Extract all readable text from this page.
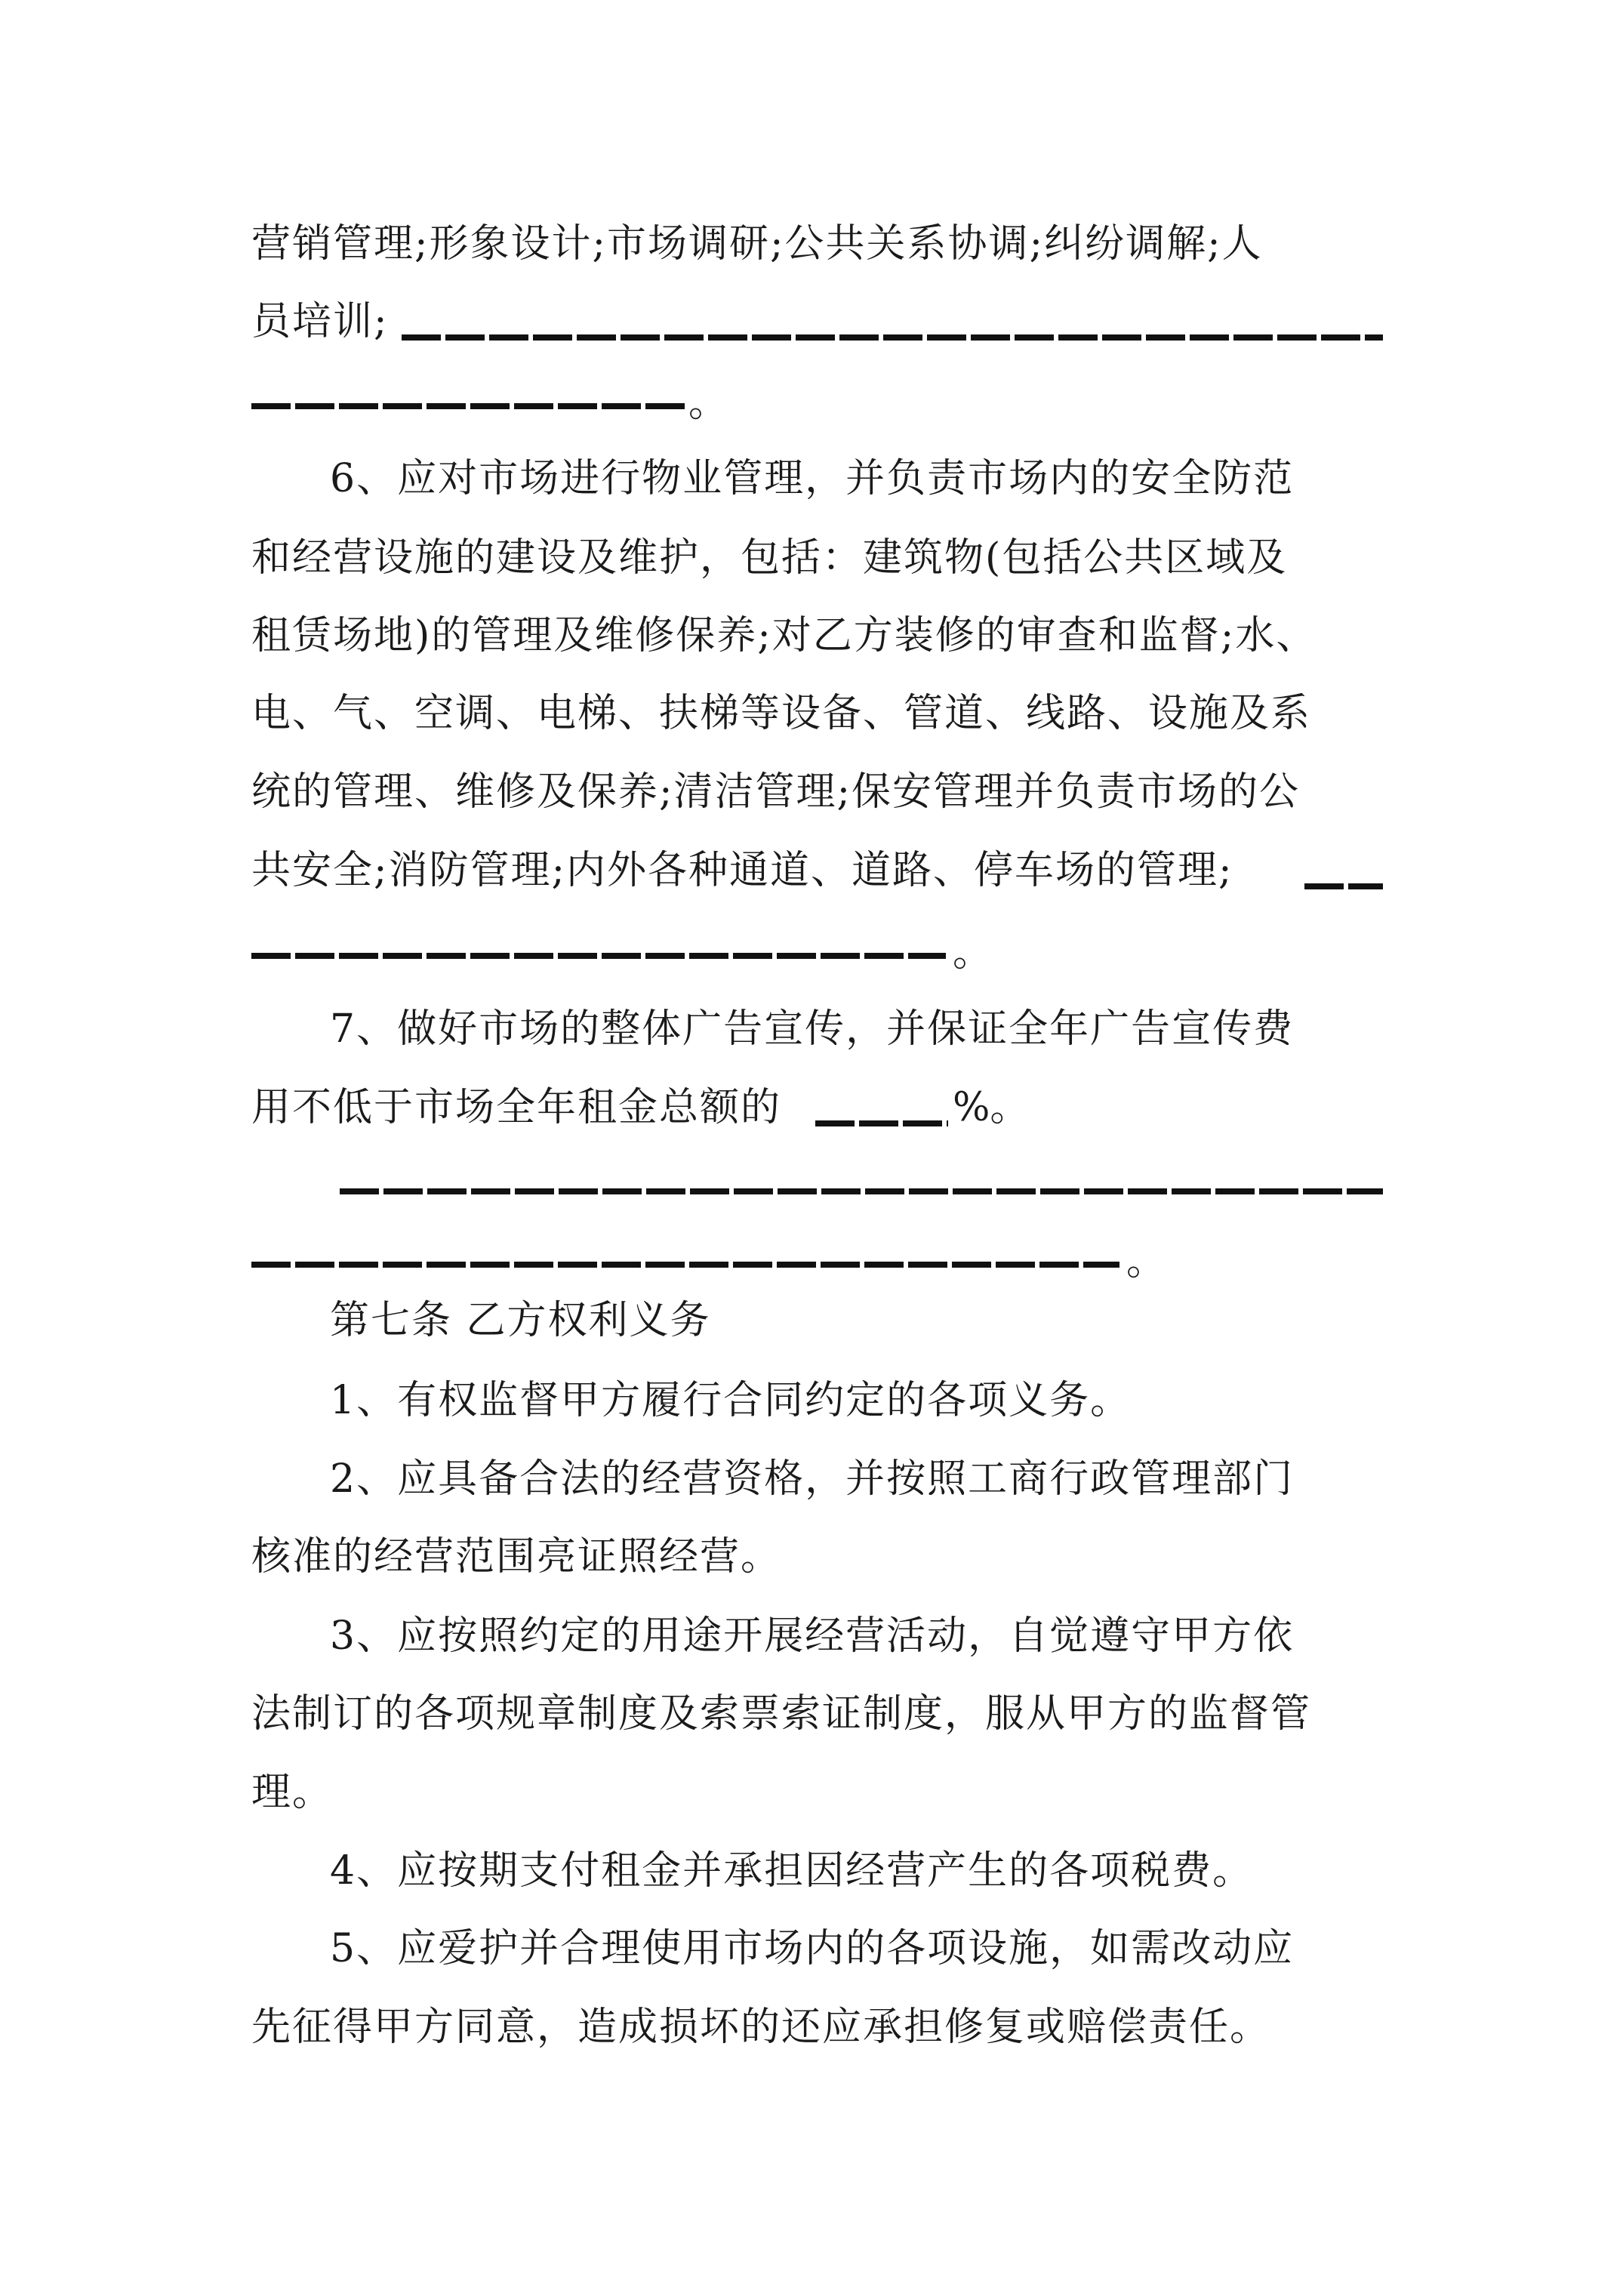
营销管理;形象设计;市场调研;公共关系协调;纠纷调解;人
员培训;
。
6、应对市场进行物业管理，并负责市场内的安全防范
和经营设施的建设及维护，包括：建筑物(包括公共区域及
租赁场地)的管理及维修保养;对乙方装修的审查和监督;水、
电、气、空调、电梯、扶梯等设备、管道、线路、设施及系
统的管理、维修及保养;清洁管理;保安管理并负责市场的公
共安全;消防管理;内外各种通道、道路、停车场的管理;
。
7、做好市场的整体广告宣传，并保证全年广告宣传费
用不低于市场全年租金总额的	%。
。
第七条 乙方权利义务
1、有权监督甲方履行合同约定的各项义务。
2、应具备合法的经营资格，并按照工商行政管理部门
核准的经营范围亮证照经营。
3、应按照约定的用途开展经营活动，自觉遵守甲方依
法制订的各项规章制度及索票索证制度，服从甲方的监督管
理。
4、应按期支付租金并承担因经营产生的各项税费。
5、应爱护并合理使用市场内的各项设施，如需改动应
先征得甲方同意，造成损坏的还应承担修复或赔偿责任。
